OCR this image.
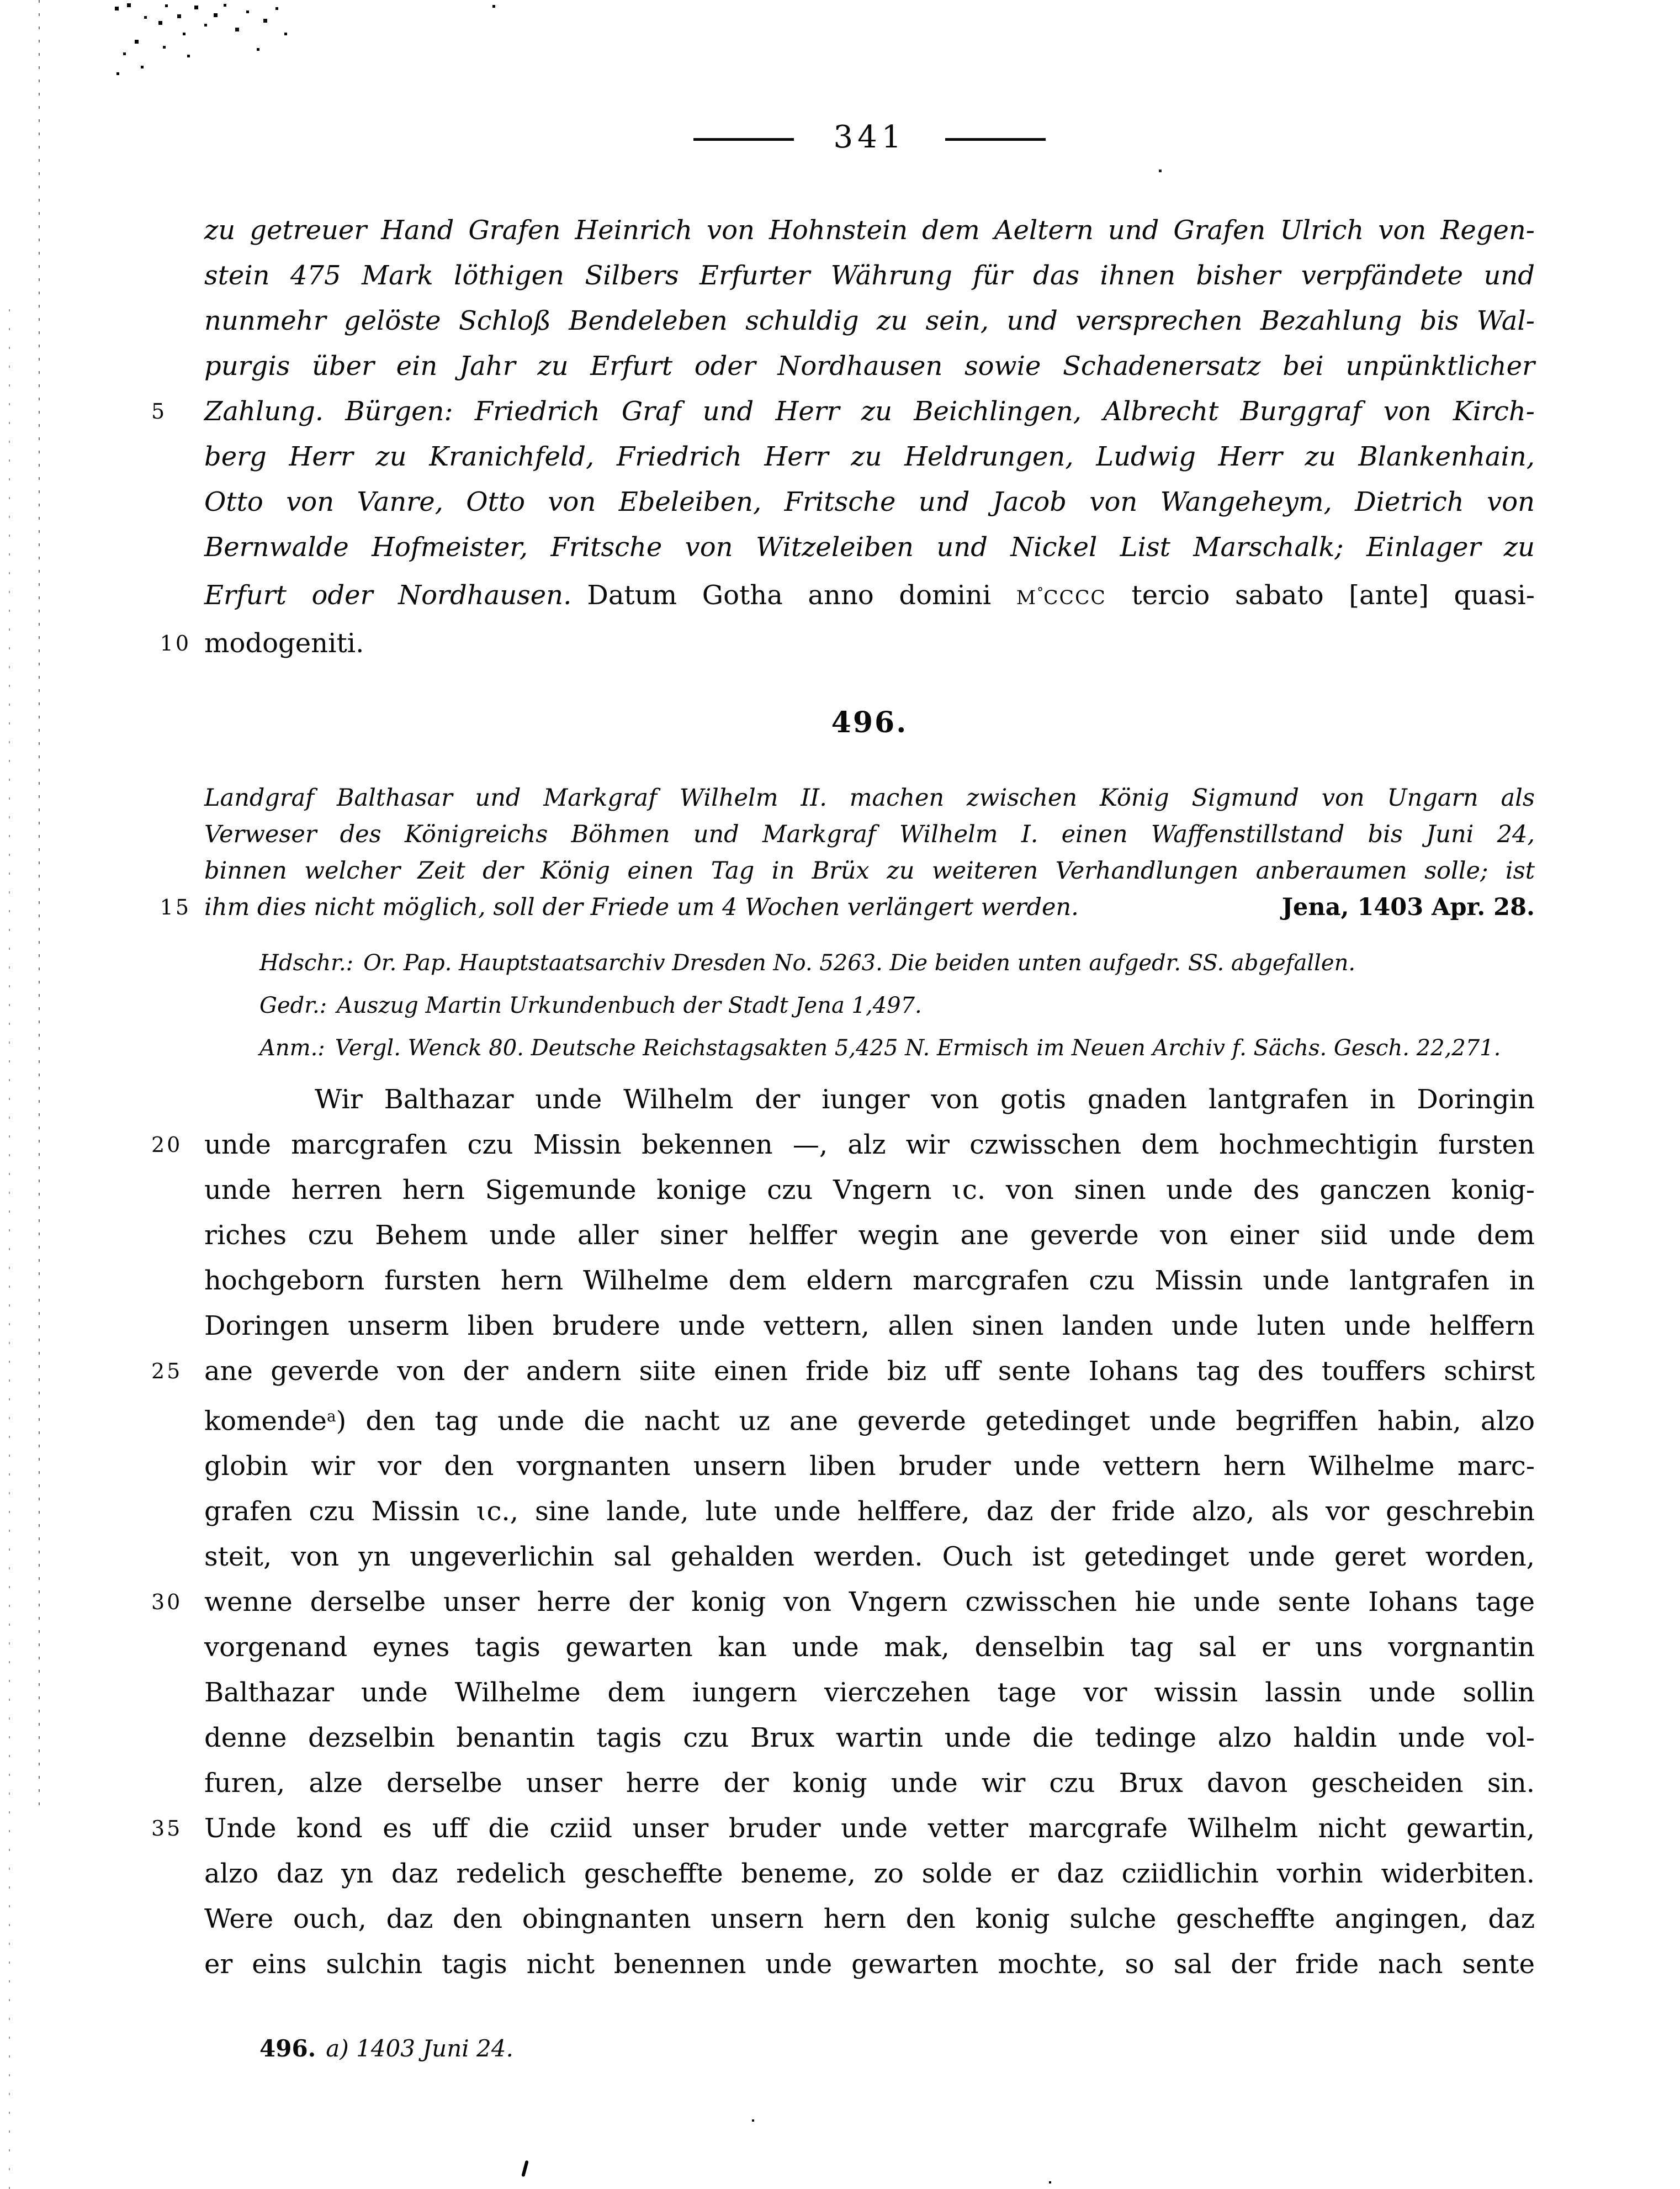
341
zu getreuer Hand Grafen Heinrich von Hohnstein dem Aeltern und Grafen Ulrich von Regen-
stein 475 Mark löthigen Silbers Erfurter Währung für das ihnen bisher verpfändete und
nunmehr gelöste Schloß Bendeleben schuldig zu sein, und versprechen Bezahlung bis Wal-
purgis über ein Jahr zu Erfurt oder Nordhausen sowie Schadenersatz bei unpünktlicher
5	Zahlung. Bürgen: Friedrich Graf und Herr zu Beichlingen, Albrecht Burggraf von Kirch-
berg Herr zu Kranichfeld, Friedrich Herr zu Heldrungen, Ludwig Herr zu Blankenhain,
Otto von Vanre, Otto von Ebeleiben, Fritsche und Jacob von Wangeheym, Dietrich von
Bernwalde Hofmeister, Fritsche von Witzeleiben und Nickel List Marschalk; Einlager zu
Erfurt oder Nordhausen. Datum Gotha anno domini M°CCCC tercio sabato [ante] quasi-
10 modogeniti.
496.
Landgraf Balthasar und Markgraf Wilhelm II. machen zwischen König Sigmund von Ungarn als
Verweser des Königreichs Böhmen und Markgraf Wilhelm I. einen Waffenstillstand bis Juni 24,
binnen welcher Zeit der König einen Tag in Brüx zu weiteren Verhandlungen anberaumen solle; ist
15 ihm dies nicht möglich, soll der Friede um 4 Wochen verlängert werden.	Jena, 1403 Apr. 28.
Hdschr.: Or. Pap. Hauptstaatsarchiv Dresden No. 5263. Die beiden unten aufgedr. SS. abgefallen.
Gedr.: Auszug Martin Urkundenbuch der Stadt Jena 1,497.
Anm.: Vergl. Wenck 80. Deutsche Reichstagsakten 5,425 N. Ermisch im Neuen Archiv f. Sächs. Gesch. 22,271.
Wir Balthazar unde Wilhelm der iunger von gotis gnaden lantgrafen in Doringin
20 unde marcgrafen czu Missin bekennen —, alz wir czwisschen dem hochmechtigin fursten
unde herren hern Sigemunde konige czu Vngern ɩc. von sinen unde des ganczen konig-
riches czu Behem unde aller siner helffer wegin ane geverde von einer siid unde dem
hochgeborn fursten hern Wilhelme dem eldern marcgrafen czu Missin unde lantgrafen in
Doringen unserm liben brudere unde vettern, allen sinen landen unde luten unde helffern
25 ane geverde von der andern siite einen fride biz uff sente Iohans tag des touffers schirst
komende$^a$) den tag unde die nacht uz ane geverde getedinget unde begriffen habin, alzo
globin wir vor den vorgnanten unsern liben bruder unde vettern hern Wilhelme marc-
grafen czu Missin ɩc., sine lande, lute unde helffere, daz der fride alzo, als vor geschrebin
steit, von yn ungeverlichin sal gehalden werden. Ouch ist getedinget unde geret worden,
30 wenne derselbe unser herre der konig von Vngern czwisschen hie unde sente Iohans tage
vorgenand eynes tagis gewarten kan unde mak, denselbin tag sal er uns vorgnantin
Balthazar unde Wilhelme dem iungern vierczehen tage vor wissin lassin unde sollin
denne dezselbin benantin tagis czu Brux wartin unde die tedinge alzo haldin unde vol-
furen, alze derselbe unser herre der konig unde wir czu Brux davon gescheiden sin.
35 Unde kond es uff die cziid unser bruder unde vetter marcgrafe Wilhelm nicht gewartin,
alzo daz yn daz redelich gescheffte beneme, zo solde er daz cziidlichin vorhin widerbiten.
Were ouch, daz den obingnanten unsern hern den konig sulche gescheffte angingen, daz
er eins sulchin tagis nicht benennen unde gewarten mochte, so sal der fride nach sente
496. a) 1403 Juni 24.
